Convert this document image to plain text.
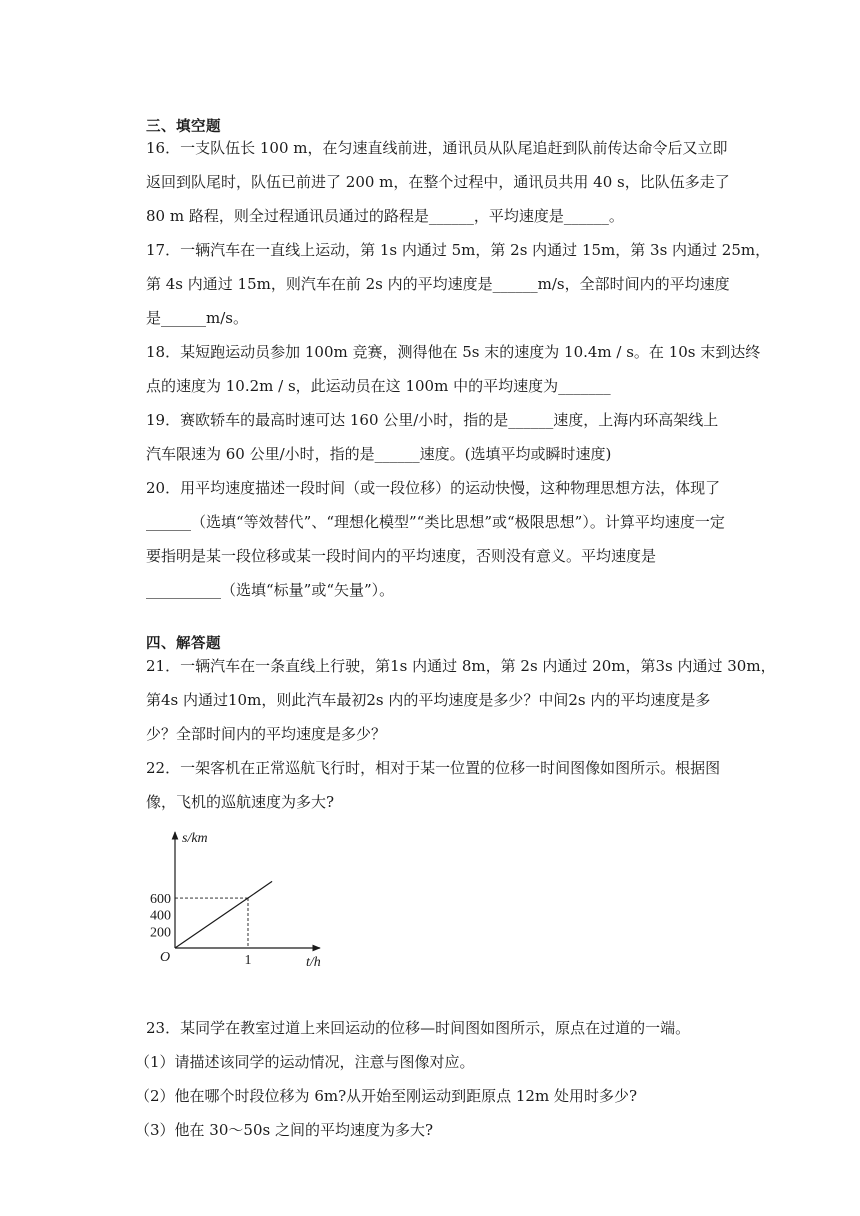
三、填空题
16．一支队伍长 100 m，在匀速直线前进，通讯员从队尾追赶到队前传达命令后又立即
返回到队尾时，队伍已前进了 200 m，在整个过程中，通讯员共用 40 s，比队伍多走了
80 m 路程，则全过程通讯员通过的路程是______，平均速度是______。
17．一辆汽车在一直线上运动，第 1s 内通过 5m，第 2s 内通过 15m，第 3s 内通过 25m，
第 4s 内通过 15m，则汽车在前 2s 内的平均速度是______m/s，全部时间内的平均速度
是______m/s。
18．某短跑运动员参加 100m 竞赛，测得他在 5s 末的速度为 10.4m / s。在 10s 末到达终
点的速度为 10.2m / s，此运动员在这 100m 中的平均速度为_______
19．赛欧轿车的最高时速可达 160 公里/小时，指的是______速度，上海内环高架线上
汽车限速为 60 公里/小时，指的是______速度。(选填平均或瞬时速度)
20．用平均速度描述一段时间（或一段位移）的运动快慢，这种物理思想方法，体现了
______（选填“等效替代”、“理想化模型”“类比思想”或“极限思想”）。计算平均速度一定
要指明是某一段位移或某一段时间内的平均速度，否则没有意义。平均速度是
__________（选填“标量”或“矢量”）。
四、解答题
21．一辆汽车在一条直线上行驶，第1s 内通过 8m，第 2s 内通过 20m，第3s 内通过 30m，
第4s 内通过10m，则此汽车最初2s 内的平均速度是多少？中间2s 内的平均速度是多
少？全部时间内的平均速度是多少？
22．一架客机在正常巡航飞行时，相对于某一位置的位移一时间图像如图所示。根据图
像，飞机的巡航速度为多大?
s/km
t/h
O
200
400
600
1
23．某同学在教室过道上来回运动的位移—时间图如图所示，原点在过道的一端。
（1）请描述该同学的运动情况，注意与图像对应。
（2）他在哪个时段位移为 6m?从开始至刚运动到距原点 12m 处用时多少?
（3）他在 30～50s 之间的平均速度为多大?
